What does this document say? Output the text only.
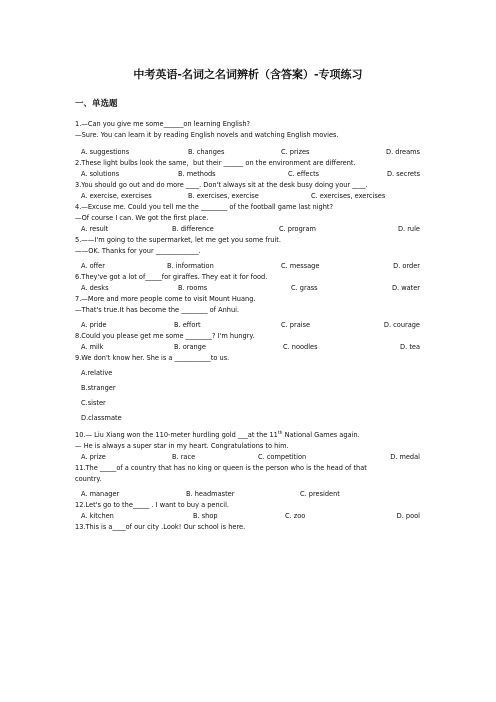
中考英语-名词之名词辨析（含答案）-专项练习
一、单选题
1.—Can you give me some______on learning English?
—Sure. You can learn it by reading English novels and watching English movies.
A. suggestions	B. changes	C. prizes	D. dreams
2.These light bulbs look the same，but their ______ on the environment are different.
A. solutions	B. methods	C. effects	D. secrets
3.You should go out and do more ____. Don't always sit at the desk busy doing your ____.
A. exercise, exercises	B. exercises, exercise	C. exercises, exercises
4.—Excuse me. Could you tell me the ________ of the football game last night?
—Of course I can. We got the first place.
A. result	B. difference	C. program	D. rule
5.——I'm going to the supermarket, let me get you some fruit.
——OK. Thanks for your _____________.
A. offer	B. information	C. message	D. order
6.They've got a lot of_____for giraffes. They eat it for food.
A. desks	B. rooms	C. grass	D. water
7.—More and more people come to visit Mount Huang.
—That's true.It has become the ________ of Anhui.
A. pride	B. effort	C. praise	D. courage
8.Could you please get me some ________? I'm hungry.
A. milk	B. orange	C. noodles	D. tea
9.We don't know her. She is a ___________to us.
A.relative
B.stranger
C.sister
D.classmate
10.— Liu Xiang won the 110-meter hurdling gold ___at the 11th National Games again.
— He is always a super star in my heart. Congratulations to him.
A. prize	B. race	C. competition	D. medal
11.The _____of a country that has no king or queen is the person who is the head of that
country.
A. manager	B. headmaster	C. president
12.Let's go to the_____ . I want to buy a pencil.
A. kitchen	B. shop	C. zoo	D. pool
13.This is a____of our city .Look! Our school is here.
